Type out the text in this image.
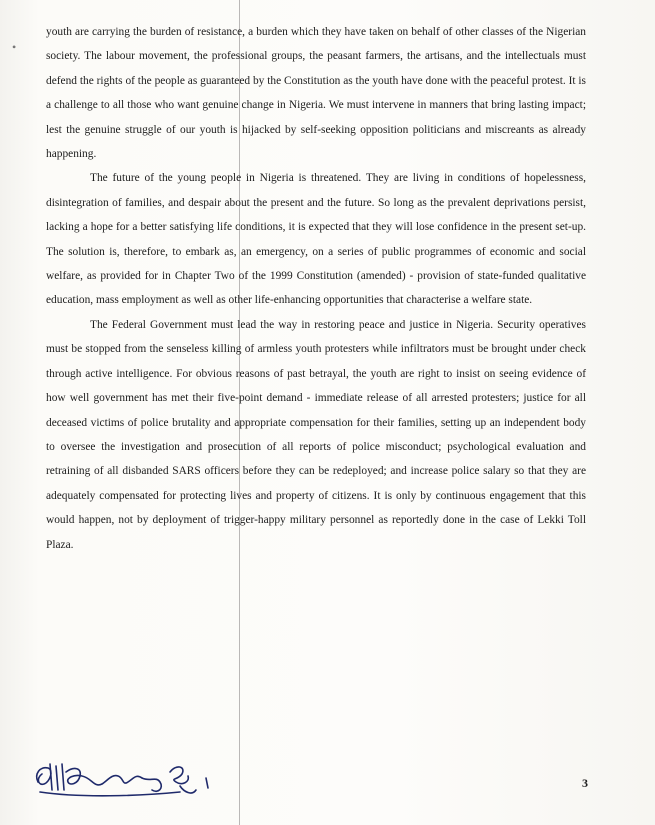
•

youth are carrying the burden of resistance, a burden which they have taken on behalf of other classes of the Nigerian society. The labour movement, the professional groups, the peasant farmers, the artisans, and the intellectuals must defend the rights of the people as guaranteed by the Constitution as the youth have done with the peaceful protest. It is a challenge to all those who want genuine change in Nigeria. We must intervene in manners that bring lasting impact; lest the genuine struggle of our youth is hijacked by self-seeking opposition politicians and miscreants as already happening.

The future of the young people in Nigeria is threatened. They are living in conditions of hopelessness, disintegration of families, and despair about the present and the future. So long as the prevalent deprivations persist, lacking a hope for a better satisfying life conditions, it is expected that they will lose confidence in the present set-up. The solution is, therefore, to embark as, an emergency, on a series of public programmes of economic and social welfare, as provided for in Chapter Two of the 1999 Constitution (amended) - provision of state-funded qualitative education, mass employment as well as other life-enhancing opportunities that characterise a welfare state.

The Federal Government must lead the way in restoring peace and justice in Nigeria. Security operatives must be stopped from the senseless killing of armless youth protesters while infiltrators must be brought under check through active intelligence. For obvious reasons of past betrayal, the youth are right to insist on seeing evidence of how well government has met their five-point demand - immediate release of all arrested protesters; justice for all deceased victims of police brutality and appropriate compensation for their families, setting up an independent body to oversee the investigation and prosecution of all reports of police misconduct; psychological evaluation and retraining of all disbanded SARS officers before they can be redeployed; and increase police salary so that they are adequately compensated for protecting lives and property of citizens. It is only by continuous engagement that this would happen, not by deployment of trigger-happy military personnel as reportedly done in the case of Lekki Toll Plaza.

3
